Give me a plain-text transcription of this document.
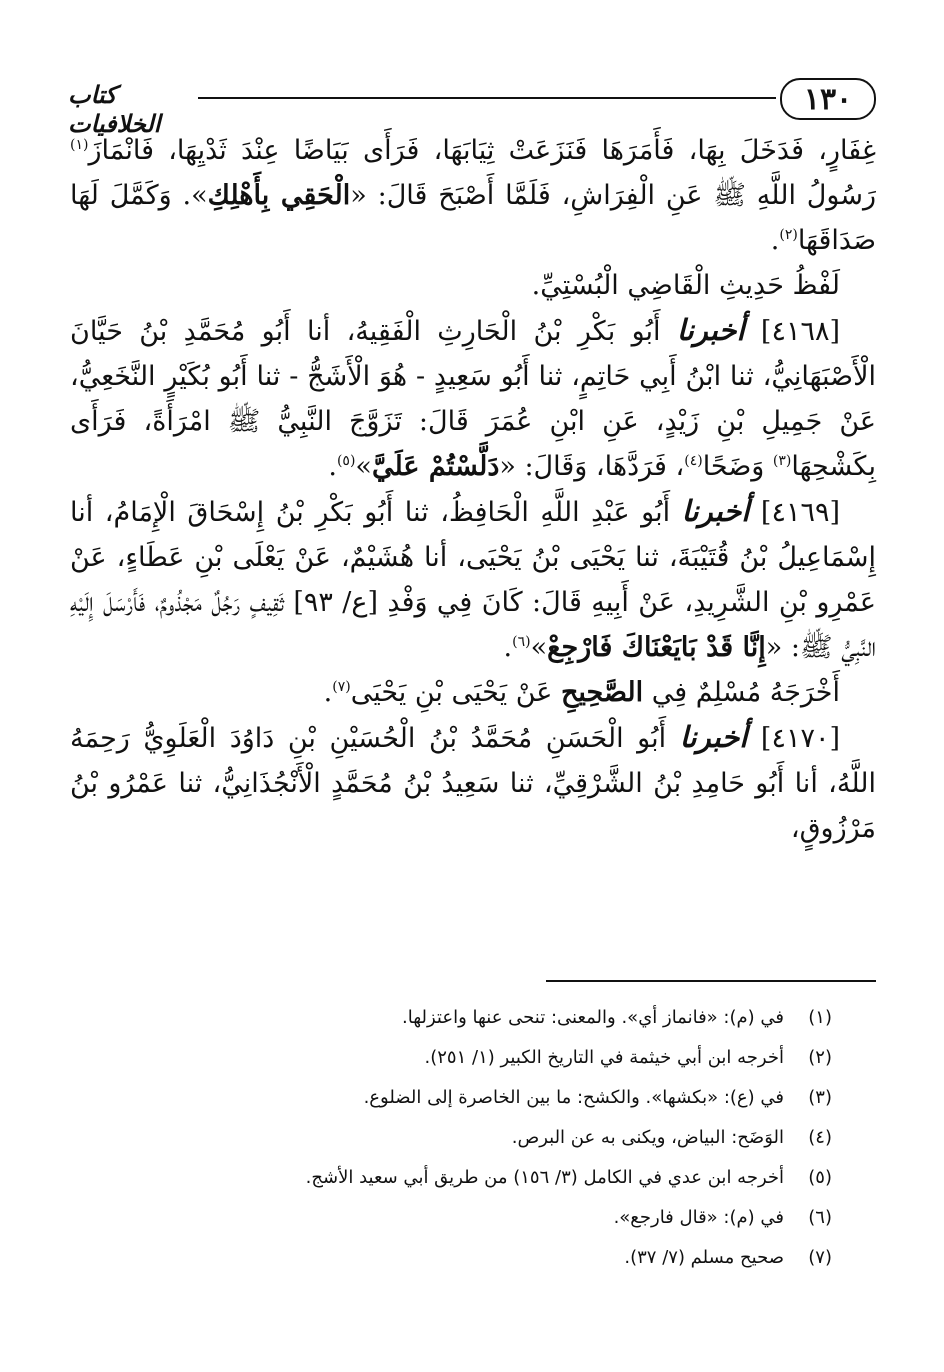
١٣٠
كتاب الخلافيات

غِفَارٍ، فَدَخَلَ بِهَا، فَأَمَرَهَا فَنَزَعَتْ ثِيَابَهَا، فَرَأَى بَيَاضًا عِنْدَ ثَدْيِهَا، فَانْمَازَ$^{(١)}$ رَسُولُ اللَّهِ ﷺ عَنِ الْفِرَاشِ، فَلَمَّا أَصْبَحَ قَالَ: «الْحَقِي بِأَهْلِكِ». وَكَمَّلَ لَهَا صَدَاقَهَا$^{(٢)}$.

لَفْظُ حَدِيثِ الْقَاضِي الْبُسْتِيِّ.

[٤١٦٨] أخبرنا أَبُو بَكْرِ بْنُ الْحَارِثِ الْفَقِيهُ، أنا أَبُو مُحَمَّدِ بْنُ حَيَّانَ الْأَصْبَهَانِيُّ، ثنا ابْنُ أَبِي حَاتِمٍ، ثنا أَبُو سَعِيدٍ - هُوَ الْأَشَجُّ - ثنا أَبُو بُكَيْرٍ النَّخَعِيُّ، عَنْ جَمِيلِ بْنِ زَيْدٍ، عَنِ ابْنِ عُمَرَ قَالَ: تَزَوَّجَ النَّبِيُّ ﷺ امْرَأَةً، فَرَأَى بِكَشْحِهَا$^{(٣)}$ وَضَحًا$^{(٤)}$، فَرَدَّهَا، وَقَالَ: «دَلَّسْتُمْ عَلَيَّ»$^{(٥)}$.

[٤١٦٩] أخبرنا أَبُو عَبْدِ اللَّهِ الْحَافِظُ، ثنا أَبُو بَكْرِ بْنُ إِسْحَاقَ الْإِمَامُ، أنا إِسْمَاعِيلُ بْنُ قُتَيْبَةَ، ثنا يَحْيَى بْنُ يَحْيَى، أنا هُشَيْمٌ، عَنْ يَعْلَى بْنِ عَطَاءٍ، عَنْ عَمْرِو بْنِ الشَّرِيدِ، عَنْ أَبِيهِ قَالَ: كَانَ فِي وَفْدِ [ع/ ٩٣] ثَقِيفٍ رَجُلٌ مَجْذُومٌ، فَأَرْسَلَ إِلَيْهِ النَّبِيُّ ﷺ: «إِنَّا قَدْ بَايَعْنَاكَ فَارْجِعْ»$^{(٦)}$.

أَخْرَجَهُ مُسْلِمٌ فِي الصَّحِيحِ عَنْ يَحْيَى بْنِ يَحْيَى$^{(٧)}$.

[٤١٧٠] أخبرنا أَبُو الْحَسَنِ مُحَمَّدُ بْنُ الْحُسَيْنِ بْنِ دَاوُدَ الْعَلَوِيُّ رَحِمَهُ اللَّهُ، أنا أَبُو حَامِدِ بْنُ الشَّرْقِيِّ، ثنا سَعِيدُ بْنُ مُحَمَّدٍ الْأَنْجُذَانِيُّ، ثنا عَمْرُو بْنُ مَرْزُوقٍ،

(١)
في (م): «فانماز أي». والمعنى: تنحى عنها واعتزلها.
(٢)
أخرجه ابن أبي خيثمة في التاريخ الكبير (١/ ٢٥١).
(٣)
في (ع): «بكشها». والكشح: ما بين الخاصرة إلى الضلوع.
(٤)
الوَضَح: البياض، ويكنى به عن البرص.
(٥)
أخرجه ابن عدي في الكامل (٣/ ١٥٦) من طريق أبي سعيد الأشج.
(٦)
في (م): «قال فارجع».
(٧)
صحيح مسلم (٧/ ٣٧).
